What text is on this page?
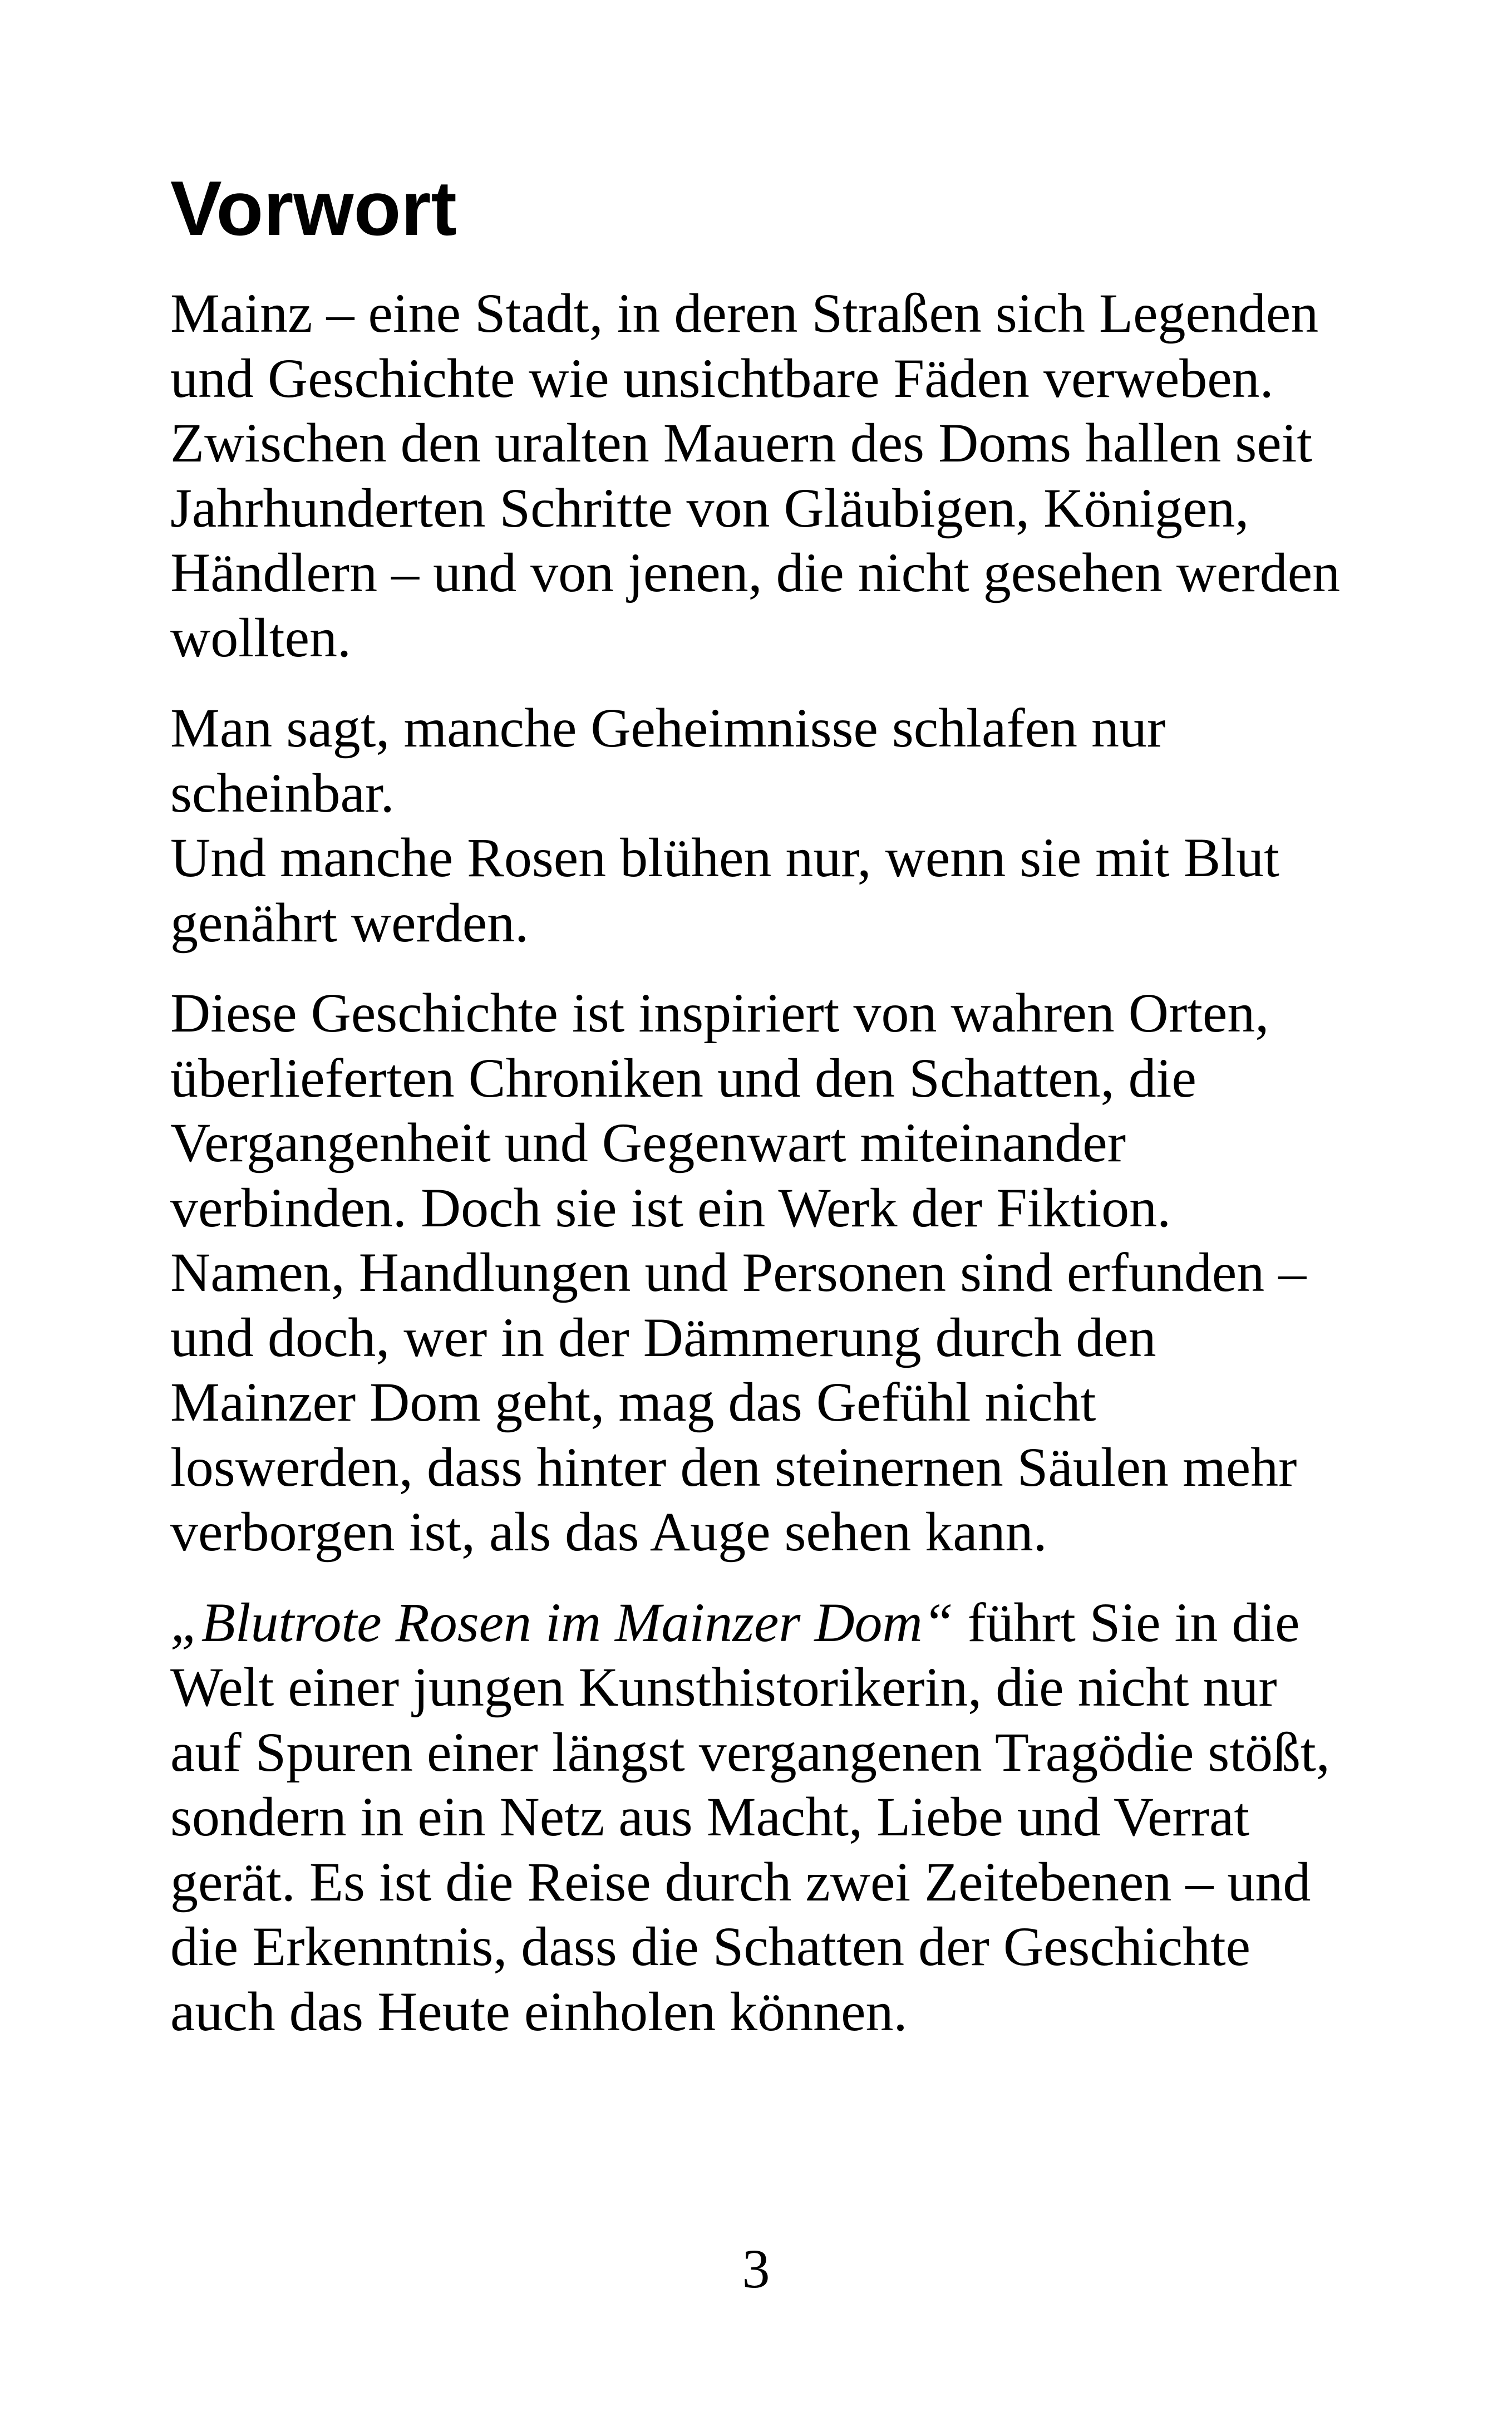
Vorwort

Mainz – eine Stadt, in deren Straßen sich Legenden
und Geschichte wie unsichtbare Fäden verweben.
Zwischen den uralten Mauern des Doms hallen seit
Jahrhunderten Schritte von Gläubigen, Königen,
Händlern – und von jenen, die nicht gesehen werden
wollten.

Man sagt, manche Geheimnisse schlafen nur
scheinbar.
Und manche Rosen blühen nur, wenn sie mit Blut
genährt werden.

Diese Geschichte ist inspiriert von wahren Orten,
überlieferten Chroniken und den Schatten, die
Vergangenheit und Gegenwart miteinander
verbinden. Doch sie ist ein Werk der Fiktion.
Namen, Handlungen und Personen sind erfunden –
und doch, wer in der Dämmerung durch den
Mainzer Dom geht, mag das Gefühl nicht
loswerden, dass hinter den steinernen Säulen mehr
verborgen ist, als das Auge sehen kann.

„Blutrote Rosen im Mainzer Dom“ führt Sie in die
Welt einer jungen Kunsthistorikerin, die nicht nur
auf Spuren einer längst vergangenen Tragödie stößt,
sondern in ein Netz aus Macht, Liebe und Verrat
gerät. Es ist die Reise durch zwei Zeitebenen – und
die Erkenntnis, dass die Schatten der Geschichte
auch das Heute einholen können.

3
